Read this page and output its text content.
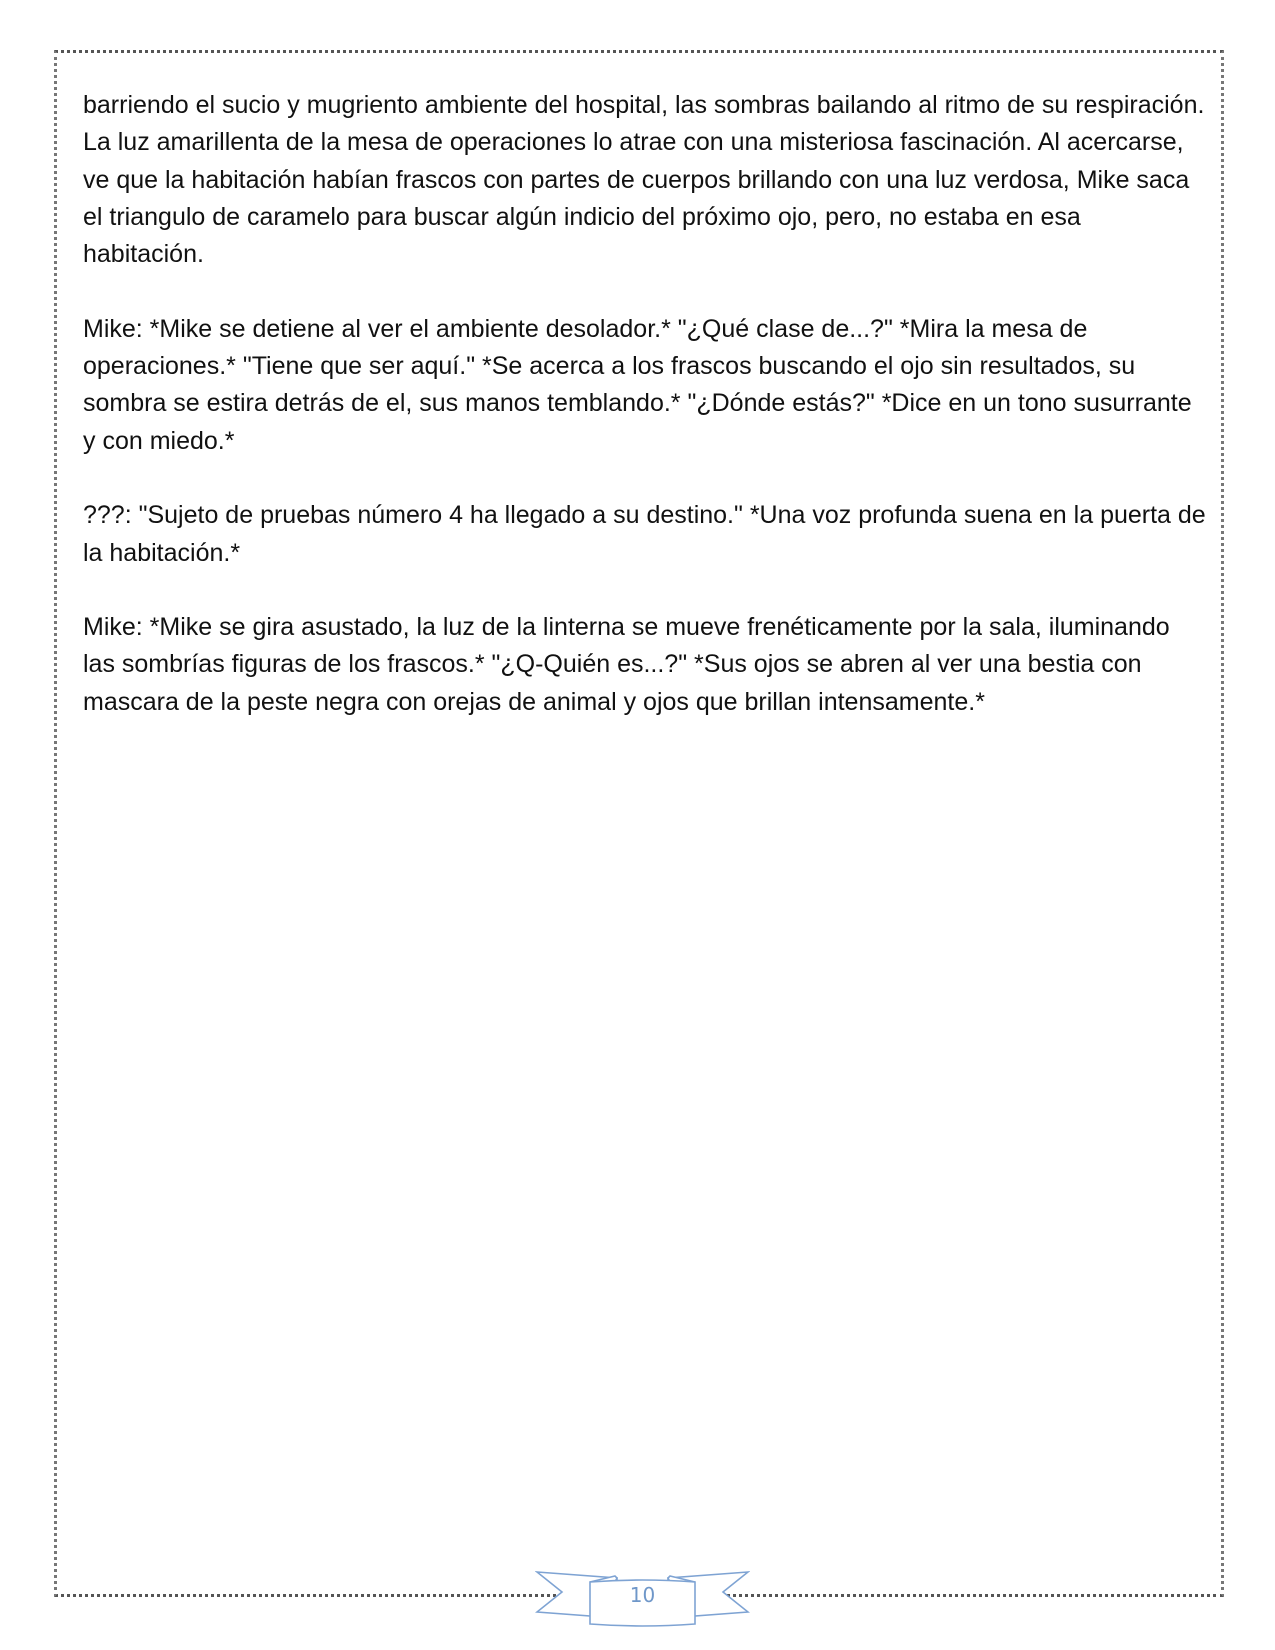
barriendo el sucio y mugriento ambiente del hospital, las sombras bailando al ritmo de su respiración. La luz amarillenta de la mesa de operaciones lo atrae con una misteriosa fascinación. Al acercarse, ve que la habitación habían frascos con partes de cuerpos brillando con una luz verdosa, Mike saca el triangulo de caramelo para buscar algún indicio del próximo ojo, pero, no estaba en esa habitación.

Mike: *Mike se detiene al ver el ambiente desolador.* "¿Qué clase de...?" *Mira la mesa de operaciones.* "Tiene que ser aquí." *Se acerca a los frascos buscando el ojo sin resultados, su sombra se estira detrás de el, sus manos temblando.* "¿Dónde estás?" *Dice en un tono susurrante y con miedo.*

???: "Sujeto de pruebas número 4 ha llegado a su destino." *Una voz profunda suena en la puerta de la habitación.*

Mike: *Mike se gira asustado, la luz de la linterna se mueve frenéticamente por la sala, iluminando las sombrías figuras de los frascos.* "¿Q-Quién es...?" *Sus ojos se abren al ver una bestia con mascara de la peste negra con orejas de animal y ojos que brillan intensamente.*

10
